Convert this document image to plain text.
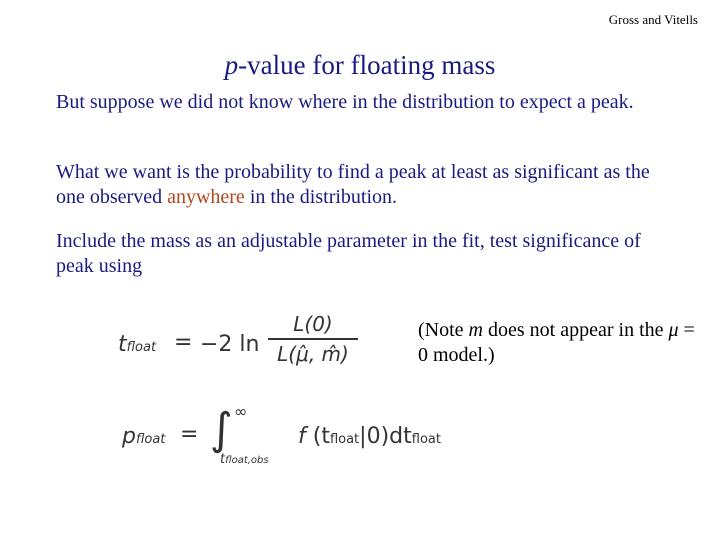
Gross and Vitells
p-value for floating mass
But suppose we did not know where in the distribution to expect a peak.
What we want is the probability to find a peak at least as significant as the one observed anywhere in the distribution.
Include the mass as an adjustable parameter in the fit, test significance of peak using
tfloat = −2 ln
L(0)
L(μ̂, m̂)
(Note m does not appear in the μ = 0 model.)
pfloat = ∫ ∞
tfloat,obs
f (tfloat|0)dtfloat
